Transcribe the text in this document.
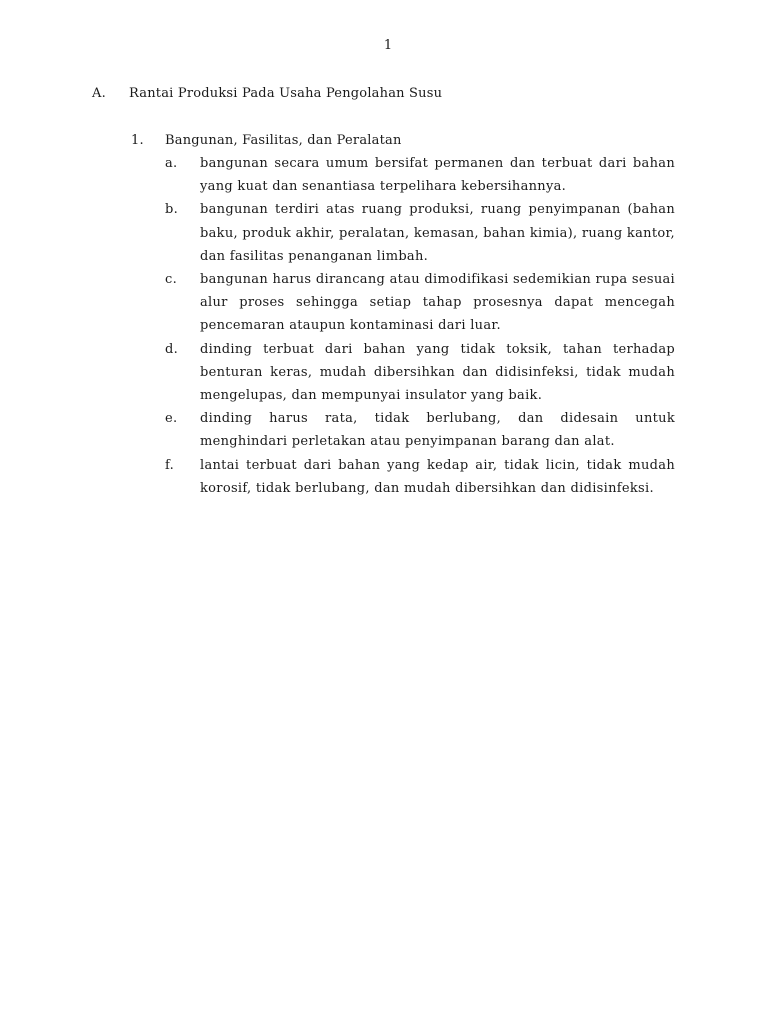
1
A. Rantai Produksi Pada Usaha Pengolahan Susu
1. Bangunan, Fasilitas, dan Peralatan
a. bangunan secara umum bersifat permanen dan terbuat dari bahan yang kuat dan senantiasa terpelihara kebersihannya.
b. bangunan terdiri atas ruang produksi, ruang penyimpanan (bahan baku, produk akhir, peralatan, kemasan, bahan kimia), ruang kantor, dan fasilitas penanganan limbah.
c. bangunan harus dirancang atau dimodifikasi sedemikian rupa sesuai alur proses sehingga setiap tahap prosesnya dapat mencegah pencemaran ataupun kontaminasi dari luar.
d. dinding terbuat dari bahan yang tidak toksik, tahan terhadap benturan keras, mudah dibersihkan dan didisinfeksi, tidak mudah mengelupas, dan mempunyai insulator yang baik.
e. dinding harus rata, tidak berlubang, dan didesain untuk menghindari perletakan atau penyimpanan barang dan alat.
f. lantai terbuat dari bahan yang kedap air, tidak licin, tidak mudah korosif, tidak berlubang, dan mudah dibersihkan dan didisinfeksi.
